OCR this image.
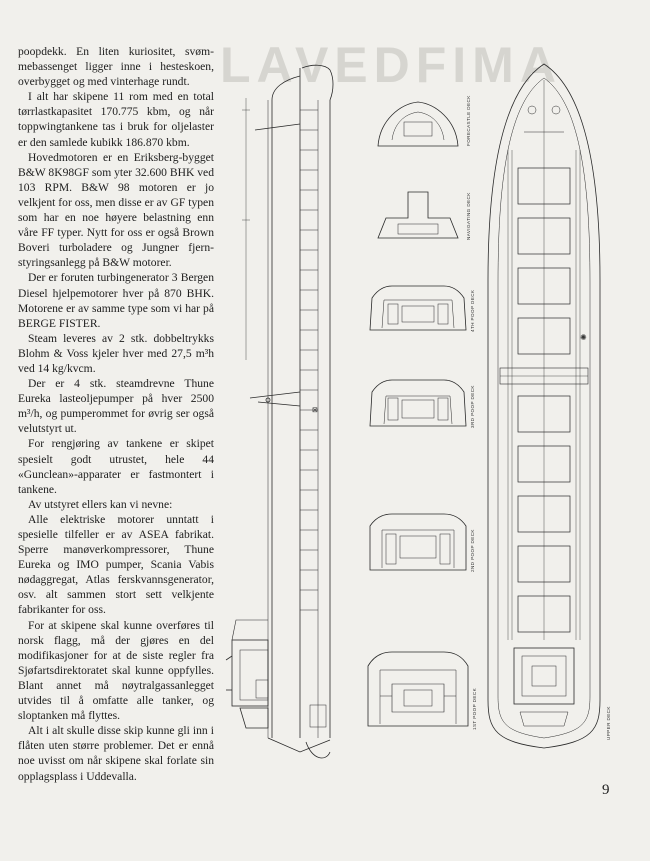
LAVEDFIMA

poopdekk. En liten kuriositet, svømmebassenget ligger inne i hesteskoen, overbygget og med vinterhage rundt.

I alt har skipene 11 rom med en total tørrlastkapasitet 170.775 kbm, og når toppwingtankene tas i bruk for oljelaster er den samlede kubikk 186.870 kbm.

Hovedmotoren er en Eriksberg-bygget B&W 8K98GF som yter 32.600 BHK ved 103 RPM. B&W 98 motoren er jo velkjent for oss, men disse er av GF typen som har en noe høyere belastning enn våre FF typer. Nytt for oss er også Brown Boveri turboladere og Jungner fjernstyringsanlegg på B&W motorer.

Der er foruten turbingenerator 3 Bergen Diesel hjelpemotorer hver på 870 BHK. Motorene er av samme type som vi har på BERGE FISTER.

Steam leveres av 2 stk. dobbeltrykks Blohm & Voss kjeler hver med 27,5 m³h ved 14 kg/kvcm.

Der er 4 stk. steamdrevne Thune Eureka lasteoljepumper på hver 2500 m³/h, og pumperommet for øvrig ser også velutstyrt ut.

For rengjøring av tankene er skipet spesielt godt utrustet, hele 44 «Gunclean»-apparater er fastmontert i tankene.

Av utstyret ellers kan vi nevne:

Alle elektriske motorer unntatt i spesielle tilfeller er av ASEA fabrikat. Sperre manøverkompressorer, Thune Eureka og IMO pumper, Scania Vabis nødaggregat, Atlas ferskvannsgenerator, osv. alt sammen stort sett velkjente fabrikanter for oss.

For at skipene skal kunne overføres til norsk flagg, må der gjøres en del modifikasjoner for at de siste regler fra Sjøfartsdirektoratet skal kunne oppfylles. Blant annet må nøytralgassanlegget utvides til å omfatte alle tanker, og sloptanken må flyttes.

Alt i alt skulle disse skip kunne gli inn i flåten uten større problemer. Det er ennå noe uvisst om når skipene skal forlate sin opplagsplass i Uddevalla.

⊠
✺
FORECASTLE DECK
NAVIGATING DECK
4TH POOP DECK
3RD POOP DECK
2ND POOP DECK
1ST POOP DECK	UPPER DECK
9
